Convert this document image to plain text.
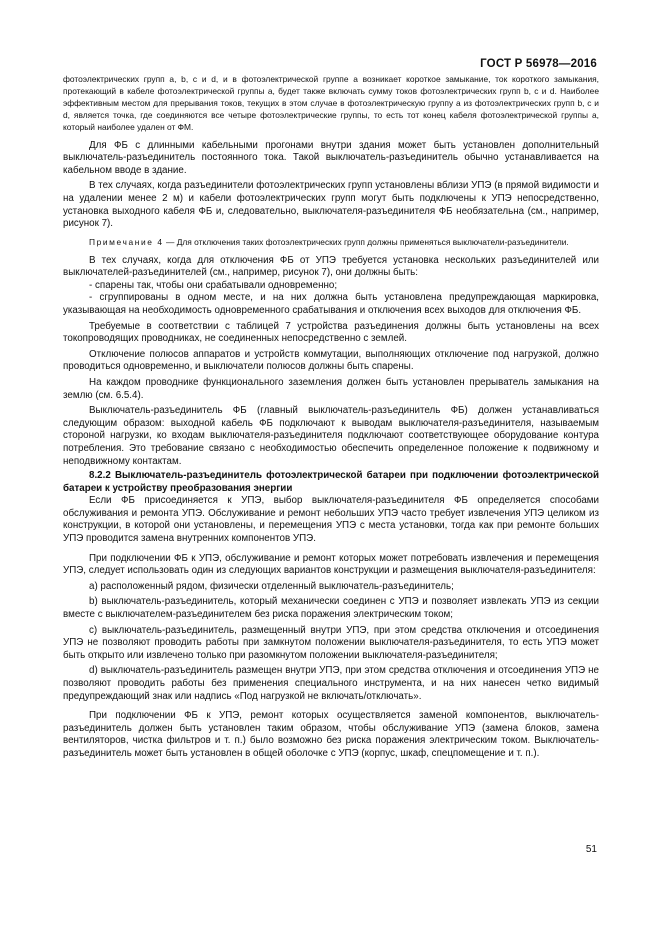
ГОСТ Р 56978—2016

фотоэлектрических групп a, b, c и d, и в фотоэлектрической группе a возникает короткое замыкание, ток короткого замыкания, протекающий в кабеле фотоэлектрической группы a, будет также включать сумму токов фотоэлектрических групп b, c и d. Наиболее эффективным местом для прерывания токов, текущих в этом случае в фотоэлектрическую группу a из фотоэлектрических групп b, c и d, является точка, где соединяются все четыре фотоэлектрические группы, то есть тот конец кабеля фотоэлектрической группы a, который наиболее удален от ФМ.

Для ФБ с длинными кабельными прогонами внутри здания может быть установлен дополнительный выключатель-разъединитель постоянного тока. Такой выключатель-разъединитель обычно устанавливается на кабельном вводе в здание.

В тех случаях, когда разъединители фотоэлектрических групп установлены вблизи УПЭ (в прямой видимости и на удалении менее 2 м) и кабели фотоэлектрических групп могут быть подключены к УПЭ непосредственно, установка выходного кабеля ФБ и, следовательно, выключателя-разъединителя ФБ необязательна (см., например, рисунок 7).

Примечание 4 — Для отключения таких фотоэлектрических групп должны применяться выключатели-разъединители.

В тех случаях, когда для отключения ФБ от УПЭ требуется установка нескольких разъединителей или выключателей-разъединителей (см., например, рисунок 7), они должны быть:

- спарены так, чтобы они срабатывали одновременно;

- сгруппированы в одном месте, и на них должна быть установлена предупреждающая маркировка, указывающая на необходимость одновременного срабатывания и отключения всех выходов для отключения ФБ.

Требуемые в соответствии с таблицей 7 устройства разъединения должны быть установлены на всех токопроводящих проводниках, не соединенных непосредственно с землей.

Отключение полюсов аппаратов и устройств коммутации, выполняющих отключение под нагрузкой, должно проводиться одновременно, и выключатели полюсов должны быть спарены.

На каждом проводнике функционального заземления должен быть установлен прерыватель замыкания на землю (см. 6.5.4).

Выключатель-разъединитель ФБ (главный выключатель-разъединитель ФБ) должен устанавливаться следующим образом: выходной кабель ФБ подключают к выводам выключателя-разъединителя, называемым стороной нагрузки, ко входам выключателя-разъединителя подключают соответствующее оборудование контура потребления. Это требование связано с необходимостью обеспечить определенное положение к подвижному и неподвижному контактам.

8.2.2 Выключатель-разъединитель фотоэлектрической батареи при подключении фотоэлектрической батареи к устройству преобразования энергии

Если ФБ присоединяется к УПЭ, выбор выключателя-разъединителя ФБ определяется способами обслуживания и ремонта УПЭ. Обслуживание и ремонт небольших УПЭ часто требует извлечения УПЭ целиком из конструкции, в которой они установлены, и перемещения УПЭ с места установки, тогда как при ремонте больших УПЭ проводится замена внутренних компонентов УПЭ.

При подключении ФБ к УПЭ, обслуживание и ремонт которых может потребовать извлечения и перемещения УПЭ, следует использовать один из следующих вариантов конструкции и размещения выключателя-разъединителя:

а) расположенный рядом, физически отделенный выключатель-разъединитель;

b) выключатель-разъединитель, который механически соединен с УПЭ и позволяет извлекать УПЭ из секции вместе с выключателем-разъединителем без риска поражения электрическим током;

c) выключатель-разъединитель, размещенный внутри УПЭ, при этом средства отключения и отсоединения УПЭ не позволяют проводить работы при замкнутом положении выключателя-разъединителя, то есть УПЭ может быть открыто или извлечено только при разомкнутом положении выключателя-разъединителя;

d) выключатель-разъединитель размещен внутри УПЭ, при этом средства отключения и отсоединения УПЭ не позволяют проводить работы без применения специального инструмента, и на них нанесен четко видимый предупреждающий знак или надпись «Под нагрузкой не включать/отключать».

При подключении ФБ к УПЭ, ремонт которых осуществляется заменой компонентов, выключатель-разъединитель должен быть установлен таким образом, чтобы обслуживание УПЭ (замена блоков, замена вентиляторов, чистка фильтров и т. п.) было возможно без риска поражения электрическим током. Выключатель-разъединитель может быть установлен в общей оболочке с УПЭ (корпус, шкаф, спецпомещение и т. п.).

51
